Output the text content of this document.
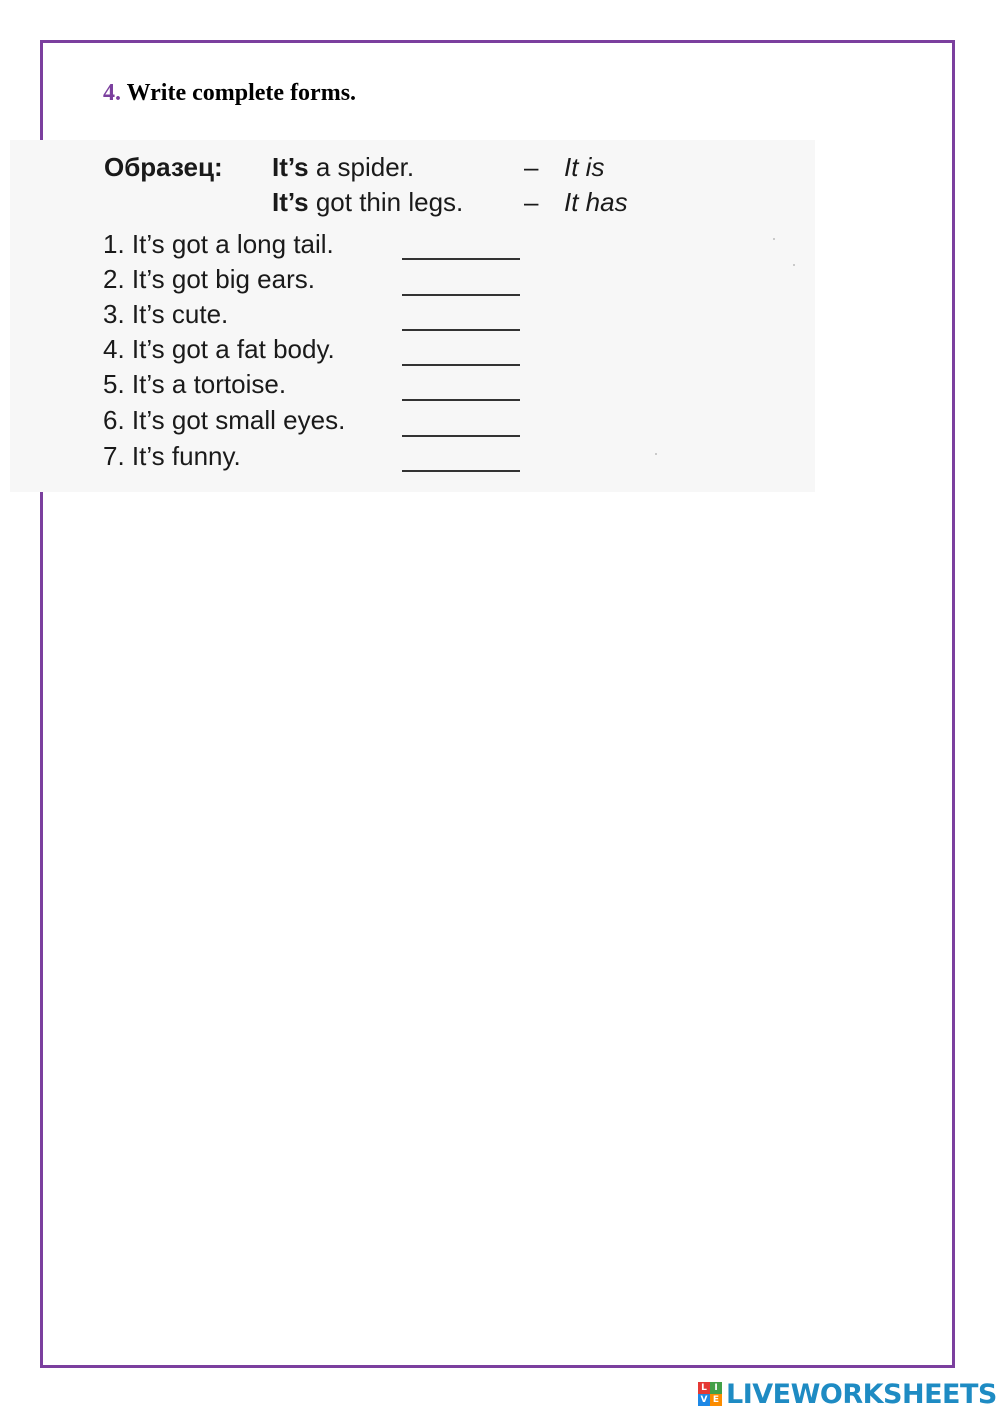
4. Write complete forms.
Образец: It’s a spider.	– It is
It’s got thin legs. – It has
1. It’s got a long tail.
2. It’s got big ears.
3. It’s cute.
4. It’s got a fat body.
5. It’s a tortoise.
6. It’s got small eyes.
7. It’s funny.
L I
V E LIVEWORKSHEETS
